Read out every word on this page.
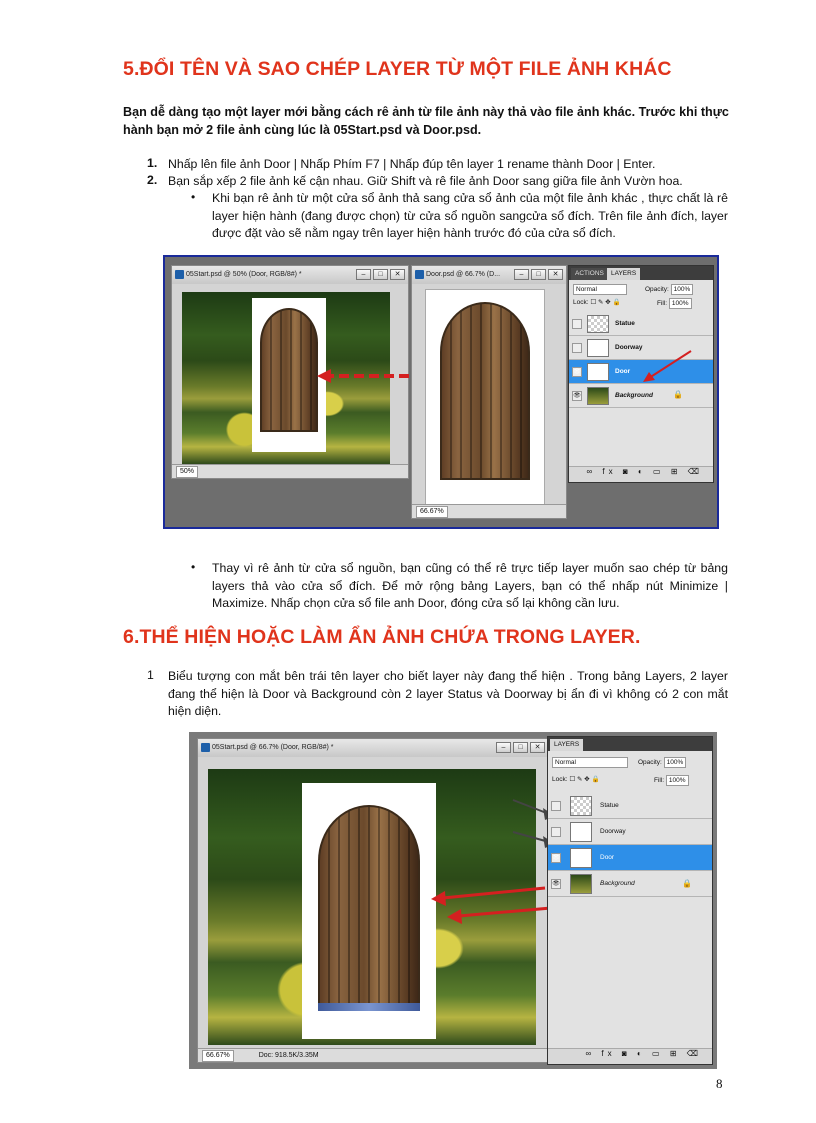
5.ĐỔI TÊN VÀ SAO CHÉP LAYER TỪ MỘT FILE ẢNH KHÁC
Bạn dễ dàng tạo một layer mới bằng cách rê ảnh từ file ảnh này thả vào file ảnh khác. Trước khi thực hành bạn mở 2 file ảnh cùng lúc là 05Start.psd và Door.psd.
1. Nhấp lên file ảnh Door | Nhấp Phím F7 | Nhấp đúp tên layer 1 rename thành Door | Enter.
2. Bạn sắp xếp 2 file ảnh kế cận nhau. Giữ Shift và rê file ảnh Door sang giữa file ảnh Vườn hoa.
• Khi bạn rê ảnh từ một cửa sổ ảnh thả sang cửa sổ ảnh của một file ảnh khác , thực chất là rê layer hiện hành (đang được chọn) từ cửa sổ nguồn sangcửa sổ đích. Trên file ảnh đích, layer được đặt vào sẽ nằm ngay trên layer hiện hành trước đó của cửa sổ đích.
05Start.psd @ 50% (Door, RGB/8#) *	–	□	✕
50%
Door.psd @ 66.7% (D...	–	□	✕
66.67%
ACTIONS	LAYERS
Normal	Opacity: 100%
Lock: ☐ ✎ ✥ 🔒	Fill: 100%
Statue
Doorway
👁	Door
👁	Background	🔒
∞ fx ◙ ◐ ▭ ⊞ ⌫
• Thay vì rê ảnh từ cửa sổ nguồn, bạn cũng có thể rê trực tiếp layer muốn sao chép từ bảng layers thả vào cửa sổ đích. Để mở rộng bảng Layers, bạn có thể nhấp nút Minimize | Maximize. Nhấp chọn cửa sổ file anh Door, đóng cửa sổ lại không cần lưu.
6.THỂ HIỆN HOẶC LÀM ẨN ẢNH CHỨA TRONG LAYER.
1 Biểu tượng con mắt bên trái tên layer cho biết layer này đang thể hiện . Trong bảng Layers, 2 layer đang thể hiện là Door và Background còn 2 layer Status và Doorway bị ẩn đi vì không có 2 con mắt hiện diện.
05Start.psd @ 66.7% (Door, RGB/8#) *	–	□	✕
66.67%	Doc: 918.5K/3.35M
LAYERS
Normal	Opacity: 100%
Lock: ☐ ✎ ✥ 🔒	Fill: 100%
Statue
Doorway
👁	Door
👁	Background	🔒
∞ fx ◙ ◐ ▭ ⊞ ⌫
8
